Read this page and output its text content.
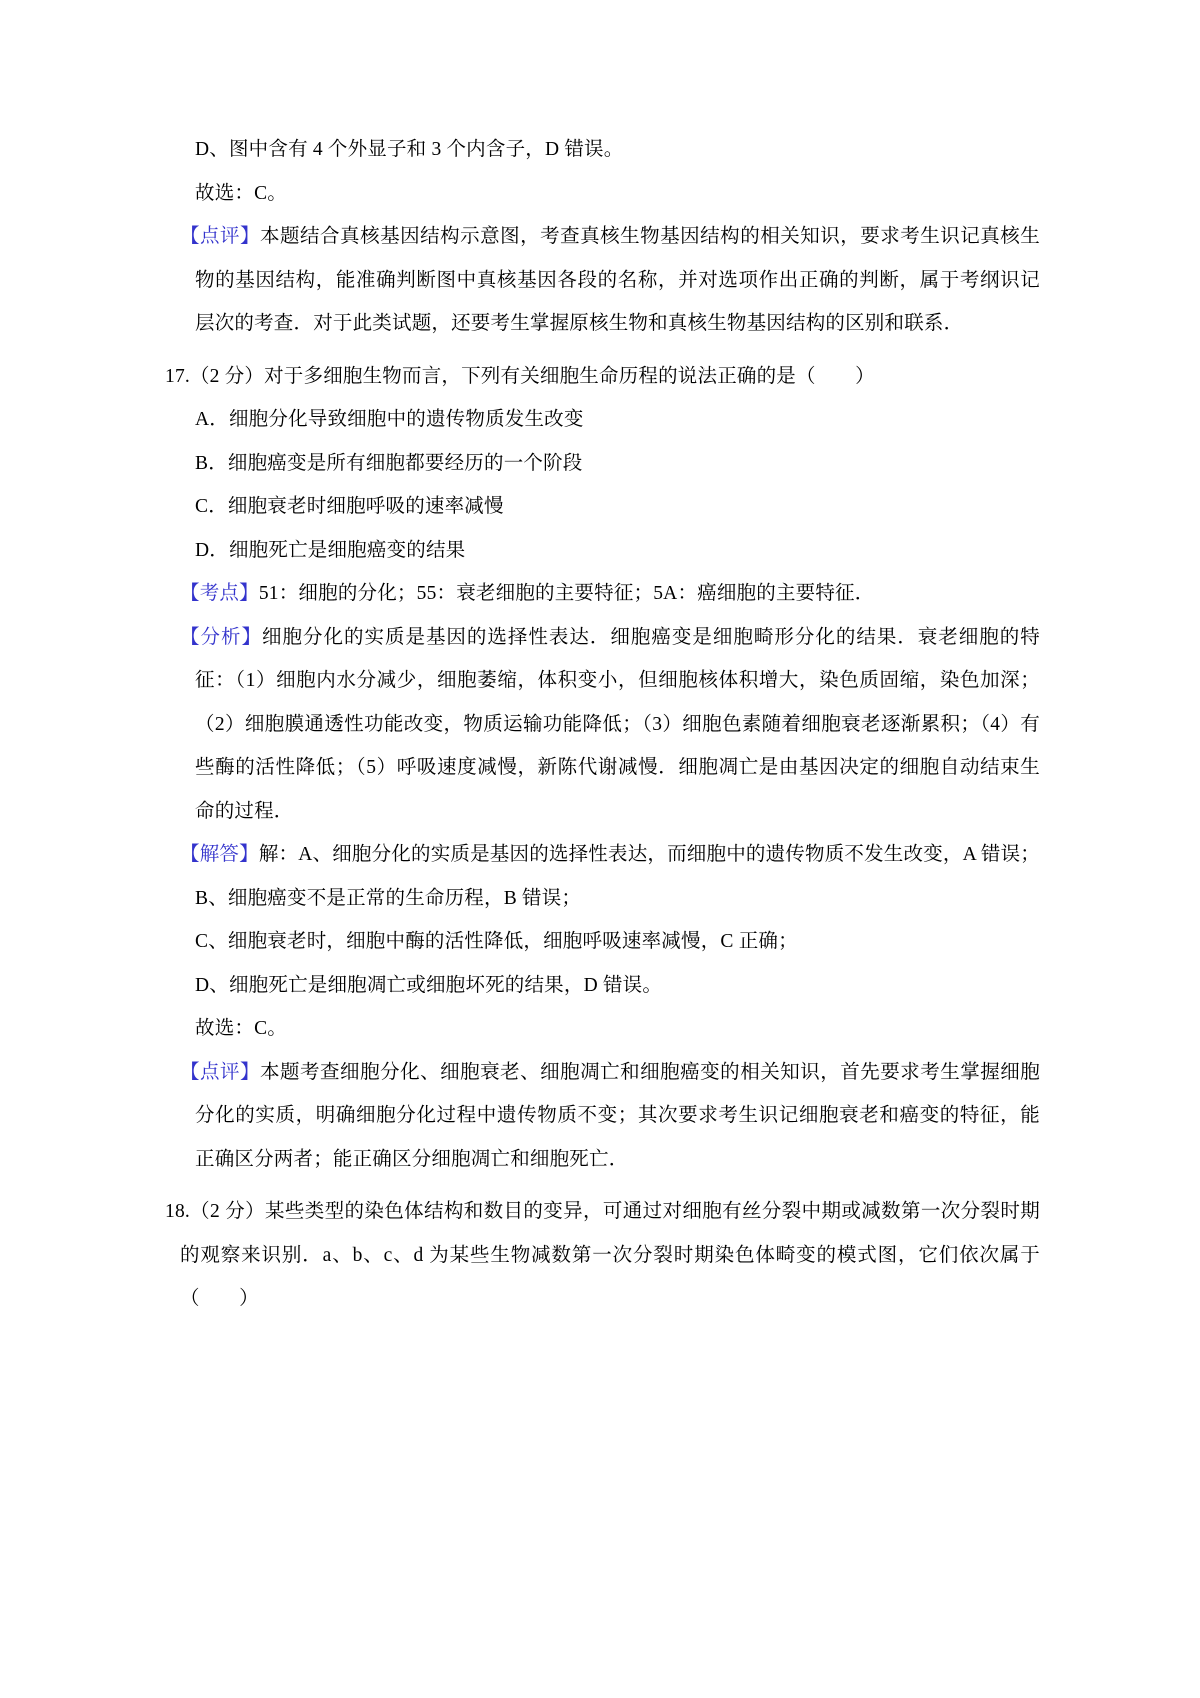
D、图中含有 4 个外显子和 3 个内含子，D 错误。

故选：C。

【点评】本题结合真核基因结构示意图，考查真核生物基因结构的相关知识，要求考生识记真核生物的基因结构，能准确判断图中真核基因各段的名称，并对选项作出正确的判断，属于考纲识记层次的考查．对于此类试题，还要考生掌握原核生物和真核生物基因结构的区别和联系．

17.（2 分）对于多细胞生物而言，下列有关细胞生命历程的说法正确的是（　　）

A．细胞分化导致细胞中的遗传物质发生改变

B．细胞癌变是所有细胞都要经历的一个阶段

C．细胞衰老时细胞呼吸的速率减慢

D．细胞死亡是细胞癌变的结果

【考点】51：细胞的分化；55：衰老细胞的主要特征；5A：癌细胞的主要特征．

【分析】细胞分化的实质是基因的选择性表达．细胞癌变是细胞畸形分化的结果．衰老细胞的特征：（1）细胞内水分减少，细胞萎缩，体积变小，但细胞核体积增大，染色质固缩，染色加深；（2）细胞膜通透性功能改变，物质运输功能降低；（3）细胞色素随着细胞衰老逐渐累积；（4）有些酶的活性降低；（5）呼吸速度减慢，新陈代谢减慢．细胞凋亡是由基因决定的细胞自动结束生命的过程．

【解答】解：A、细胞分化的实质是基因的选择性表达，而细胞中的遗传物质不发生改变，A 错误；

B、细胞癌变不是正常的生命历程，B 错误；

C、细胞衰老时，细胞中酶的活性降低，细胞呼吸速率减慢，C 正确；

D、细胞死亡是细胞凋亡或细胞坏死的结果，D 错误。

故选：C。

【点评】本题考查细胞分化、细胞衰老、细胞凋亡和细胞癌变的相关知识，首先要求考生掌握细胞分化的实质，明确细胞分化过程中遗传物质不变；其次要求考生识记细胞衰老和癌变的特征，能正确区分两者；能正确区分细胞凋亡和细胞死亡．

18.（2 分）某些类型的染色体结构和数目的变异，可通过对细胞有丝分裂中期或减数第一次分裂时期的观察来识别．a、b、c、d 为某些生物减数第一次分裂时期染色体畸变的模式图，它们依次属于（　　）
